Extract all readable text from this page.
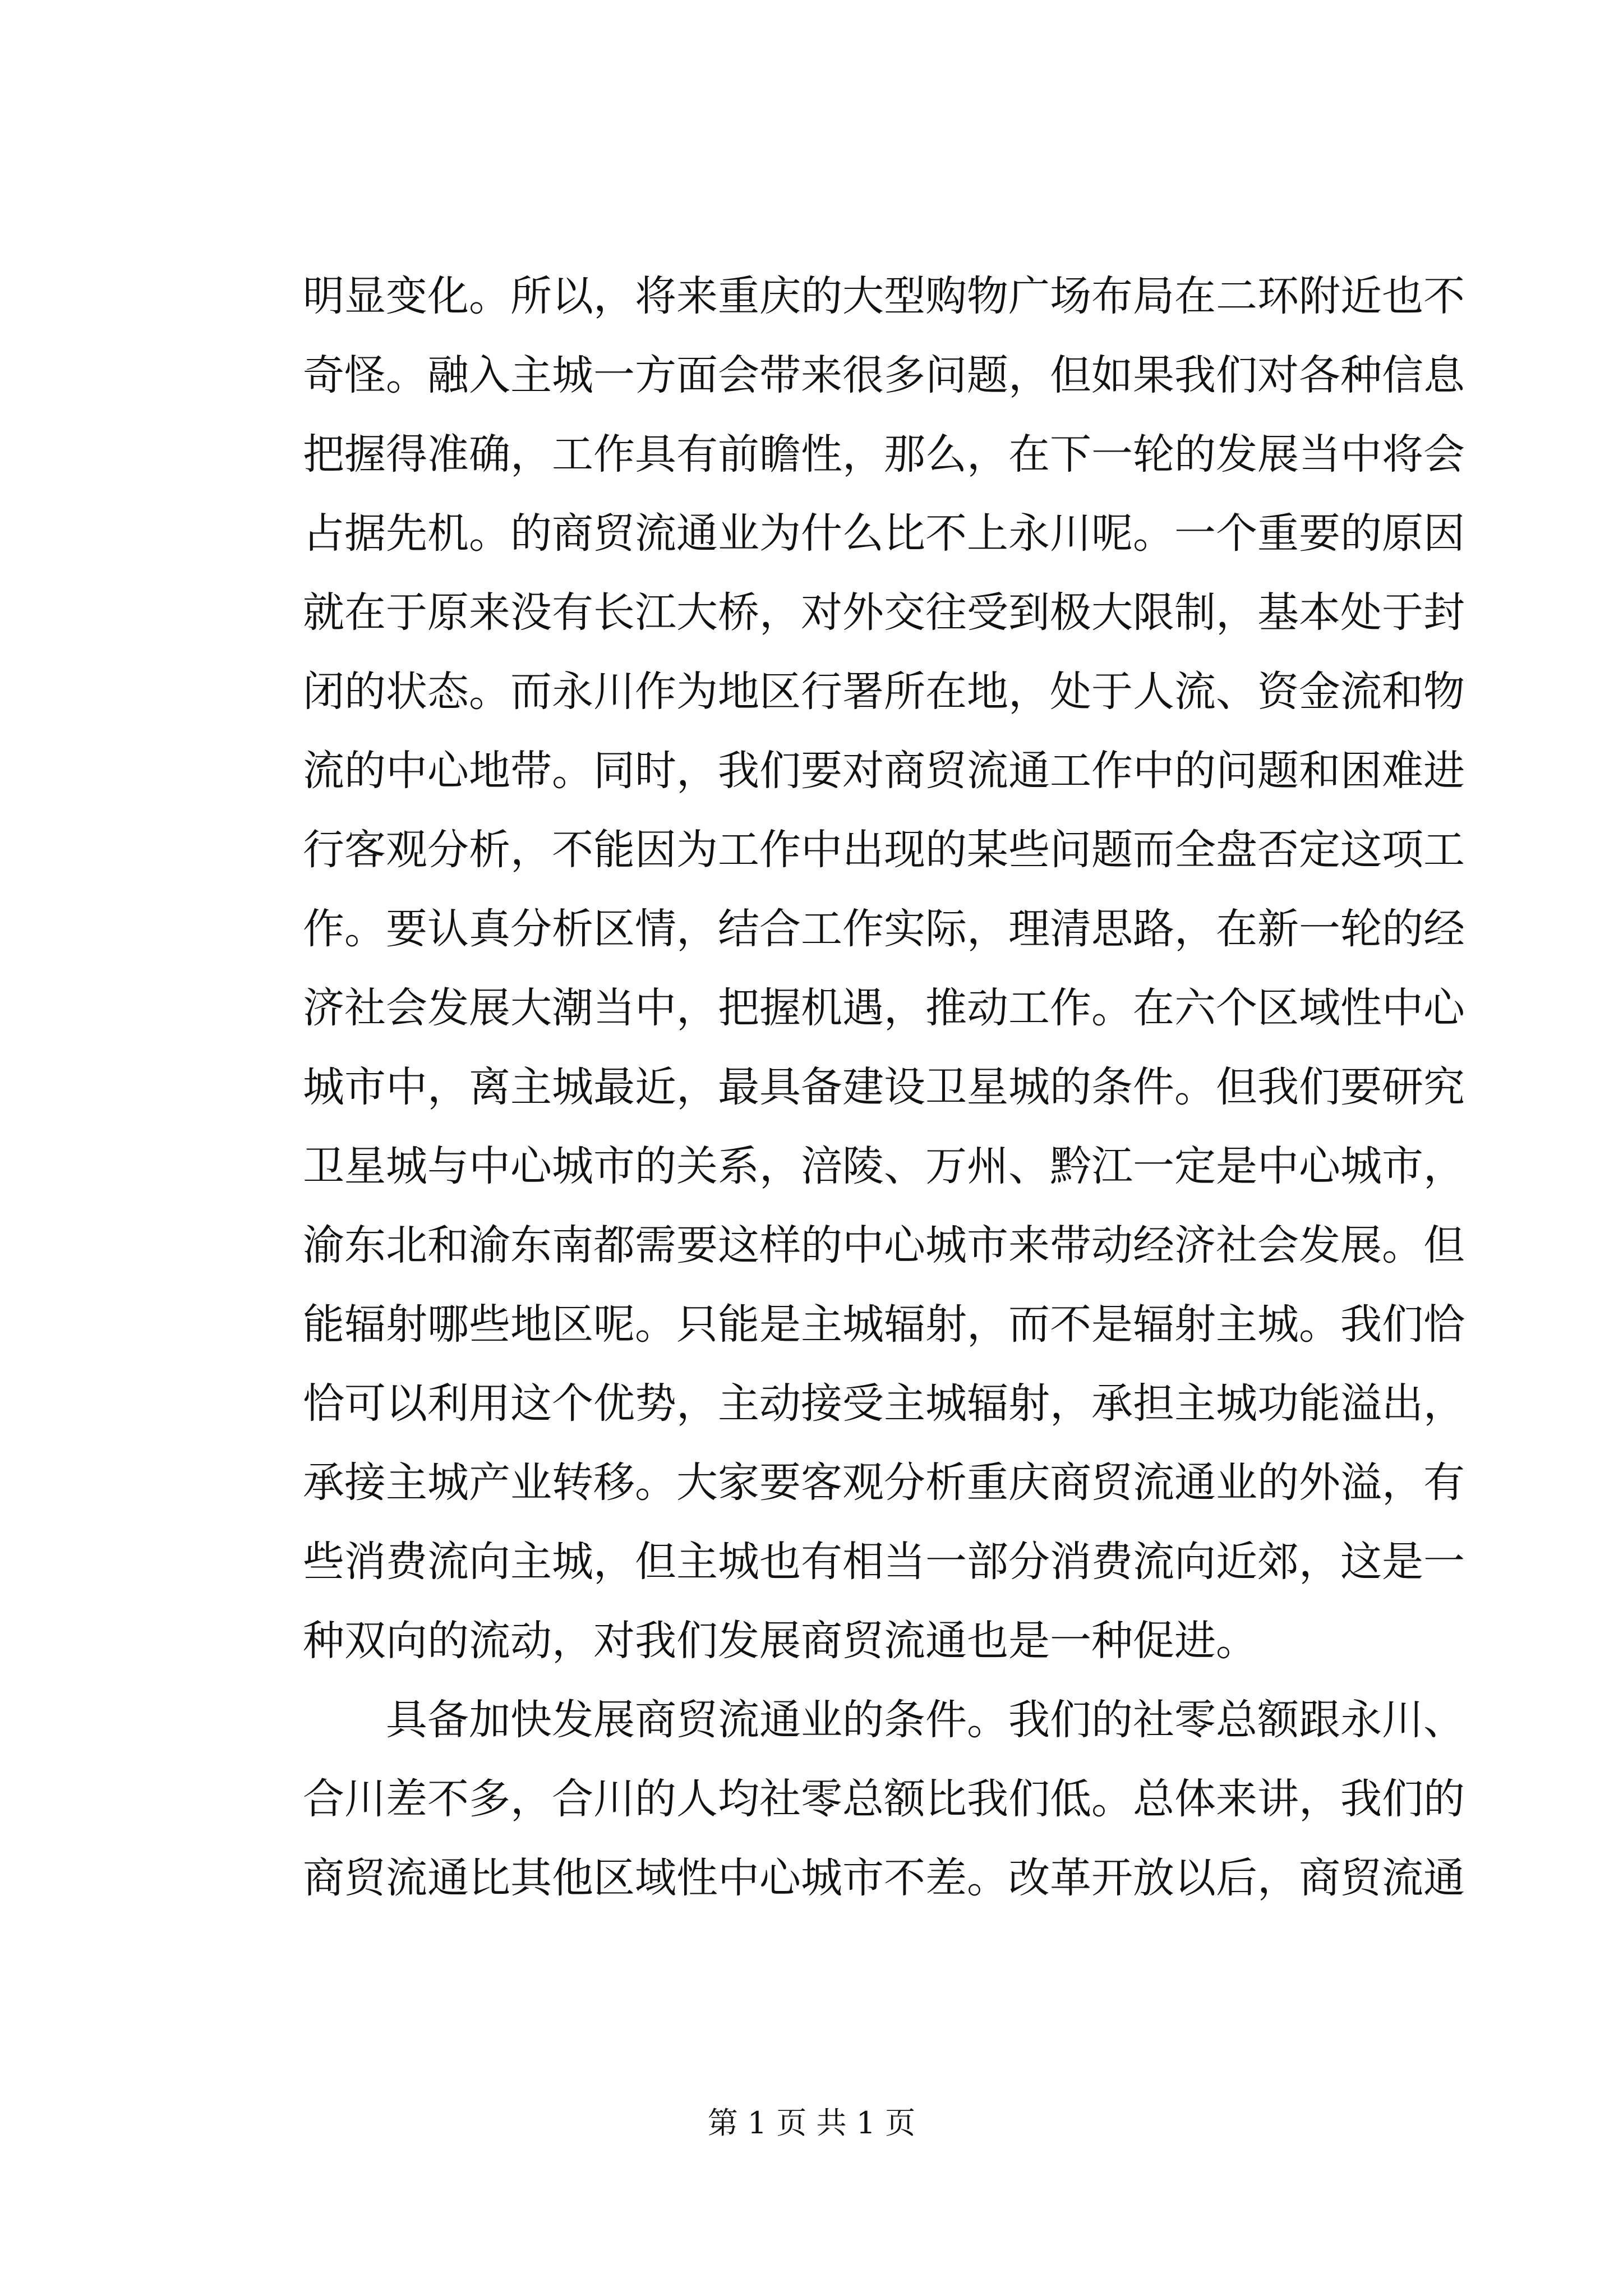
明显变化。所以，将来重庆的大型购物广场布局在二环附近也不
奇怪。融入主城一方面会带来很多问题，但如果我们对各种信息
把握得准确，工作具有前瞻性，那么，在下一轮的发展当中将会
占据先机。的商贸流通业为什么比不上永川呢。一个重要的原因
就在于原来没有长江大桥，对外交往受到极大限制，基本处于封
闭的状态。而永川作为地区行署所在地，处于人流、资金流和物
流的中心地带。同时，我们要对商贸流通工作中的问题和困难进
行客观分析，不能因为工作中出现的某些问题而全盘否定这项工
作。要认真分析区情，结合工作实际，理清思路，在新一轮的经
济社会发展大潮当中，把握机遇，推动工作。在六个区域性中心
城市中，离主城最近，最具备建设卫星城的条件。但我们要研究
卫星城与中心城市的关系，涪陵、万州、黔江一定是中心城市，
渝东北和渝东南都需要这样的中心城市来带动经济社会发展。但
能辐射哪些地区呢。只能是主城辐射，而不是辐射主城。我们恰
恰可以利用这个优势，主动接受主城辐射，承担主城功能溢出，
承接主城产业转移。大家要客观分析重庆商贸流通业的外溢，有
些消费流向主城，但主城也有相当一部分消费流向近郊，这是一
种双向的流动，对我们发展商贸流通也是一种促进。
　　具备加快发展商贸流通业的条件。我们的社零总额跟永川、
合川差不多，合川的人均社零总额比我们低。总体来讲，我们的
商贸流通比其他区域性中心城市不差。改革开放以后，商贸流通
第 1 页 共 1 页
